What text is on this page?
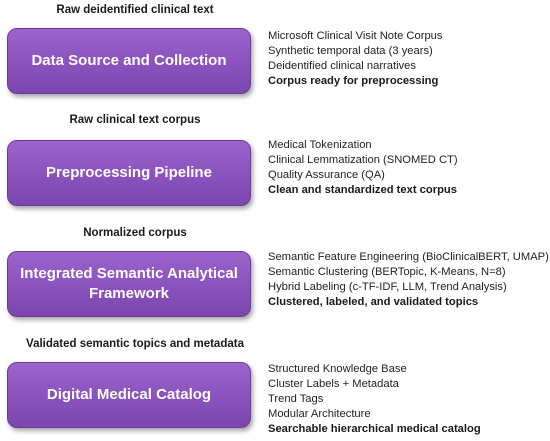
Raw deidentified clinical text
Data Source and Collection
Microsoft Clinical Visit Note Corpus
Synthetic temporal data (3 years)
Deidentified clinical narratives
Corpus ready for preprocessing
Raw clinical text corpus
Preprocessing Pipeline
Medical Tokenization
Clinical Lemmatization (SNOMED CT)
Quality Assurance (QA)
Clean and standardized text corpus
Normalized corpus
Integrated Semantic Analytical
Framework
Semantic Feature Engineering (BioClinicalBERT, UMAP)
Semantic Clustering (BERTopic, K-Means, N=8)
Hybrid Labeling (c-TF-IDF, LLM, Trend Analysis)
Clustered, labeled, and validated topics
Validated semantic topics and metadata
Digital Medical Catalog
Structured Knowledge Base
Cluster Labels + Metadata
Trend Tags
Modular Architecture
Searchable hierarchical medical catalog
